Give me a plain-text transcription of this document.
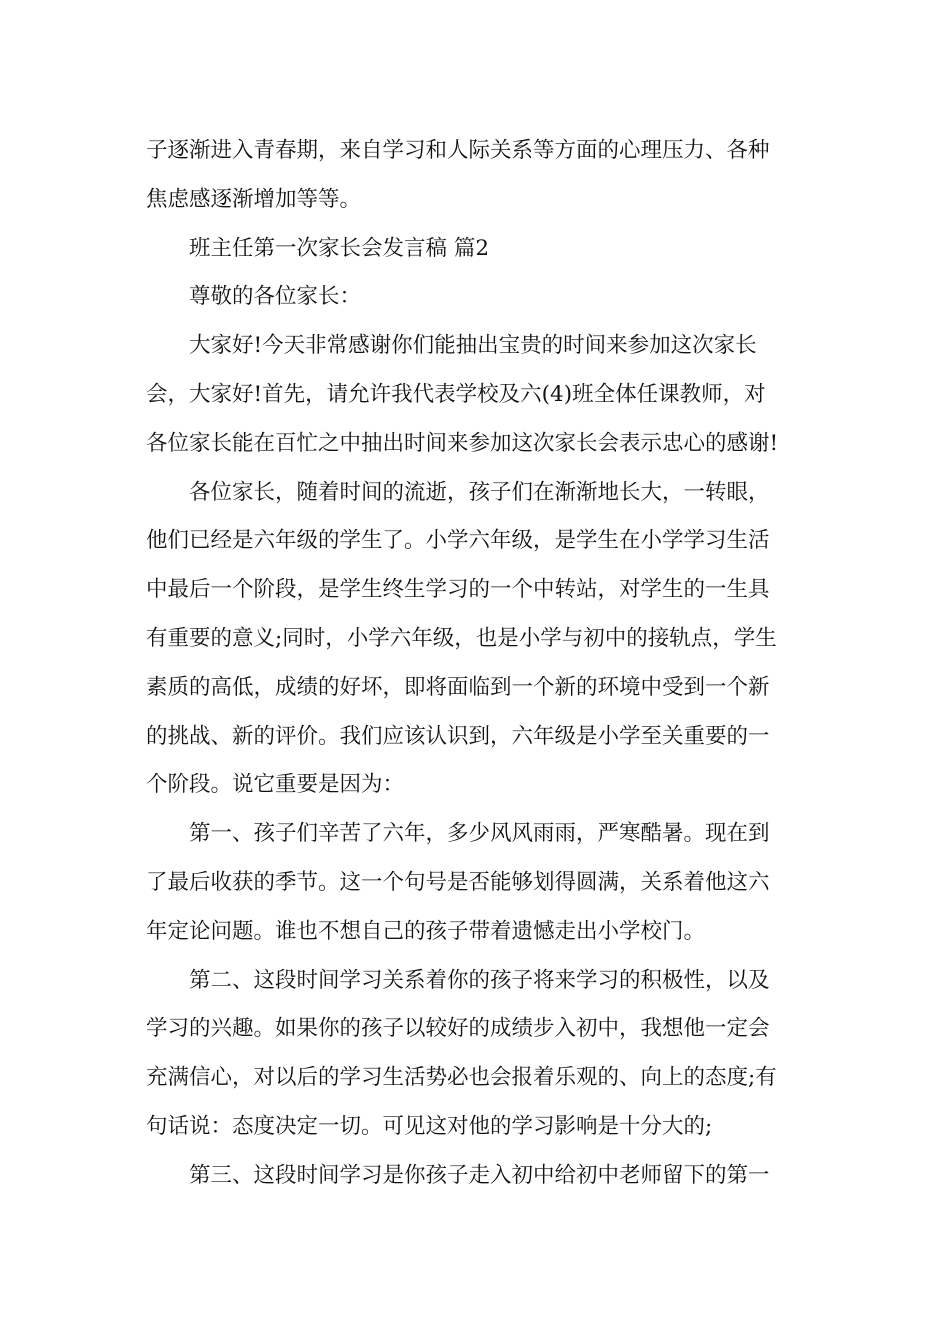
子逐渐进入青春期，来自学习和人际关系等方面的心理压力、各种
焦虑感逐渐增加等等。
班主任第一次家长会发言稿 篇2
尊敬的各位家长：
大家好!今天非常感谢你们能抽出宝贵的时间来参加这次家长
会，大家好!首先，请允许我代表学校及六(4)班全体任课教师，对
各位家长能在百忙之中抽出时间来参加这次家长会表示忠心的感谢!
各位家长，随着时间的流逝，孩子们在渐渐地长大，一转眼，
他们已经是六年级的学生了。小学六年级，是学生在小学学习生活
中最后一个阶段，是学生终生学习的一个中转站，对学生的一生具
有重要的意义;同时，小学六年级，也是小学与初中的接轨点，学生
素质的高低，成绩的好坏，即将面临到一个新的环境中受到一个新
的挑战、新的评价。我们应该认识到，六年级是小学至关重要的一
个阶段。说它重要是因为：
第一、孩子们辛苦了六年，多少风风雨雨，严寒酷暑。现在到
了最后收获的季节。这一个句号是否能够划得圆满，关系着他这六
年定论问题。谁也不想自己的孩子带着遗憾走出小学校门。
第二、这段时间学习关系着你的孩子将来学习的积极性，以及
学习的兴趣。如果你的孩子以较好的成绩步入初中，我想他一定会
充满信心，对以后的学习生活势必也会报着乐观的、向上的态度;有
句话说：态度决定一切。可见这对他的学习影响是十分大的;
第三、这段时间学习是你孩子走入初中给初中老师留下的第一
